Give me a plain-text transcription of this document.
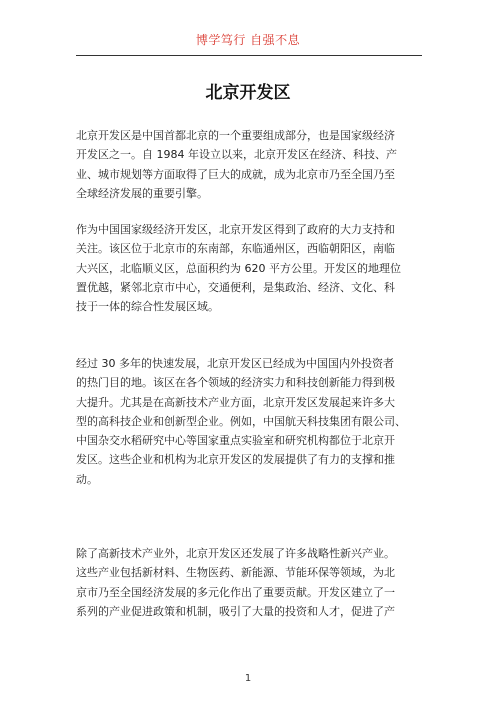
博学笃行 自强不息
北京开发区
北京开发区是中国首都北京的一个重要组成部分，也是国家级经济
开发区之一。自 1984 年设立以来，北京开发区在经济、科技、产
业、城市规划等方面取得了巨大的成就，成为北京市乃至全国乃至
全球经济发展的重要引擎。
作为中国国家级经济开发区，北京开发区得到了政府的大力支持和
关注。该区位于北京市的东南部，东临通州区，西临朝阳区，南临
大兴区，北临顺义区，总面积约为 620 平方公里。开发区的地理位
置优越，紧邻北京市中心，交通便利，是集政治、经济、文化、科
技于一体的综合性发展区域。
经过 30 多年的快速发展，北京开发区已经成为中国国内外投资者
的热门目的地。该区在各个领域的经济实力和科技创新能力得到极
大提升。尤其是在高新技术产业方面，北京开发区发展起来许多大
型的高科技企业和创新型企业。例如，中国航天科技集团有限公司、
中国杂交水稻研究中心等国家重点实验室和研究机构都位于北京开
发区。这些企业和机构为北京开发区的发展提供了有力的支撑和推
动。
除了高新技术产业外，北京开发区还发展了许多战略性新兴产业。
这些产业包括新材料、生物医药、新能源、节能环保等领域，为北
京市乃至全国经济发展的多元化作出了重要贡献。开发区建立了一
系列的产业促进政策和机制，吸引了大量的投资和人才，促进了产
1
